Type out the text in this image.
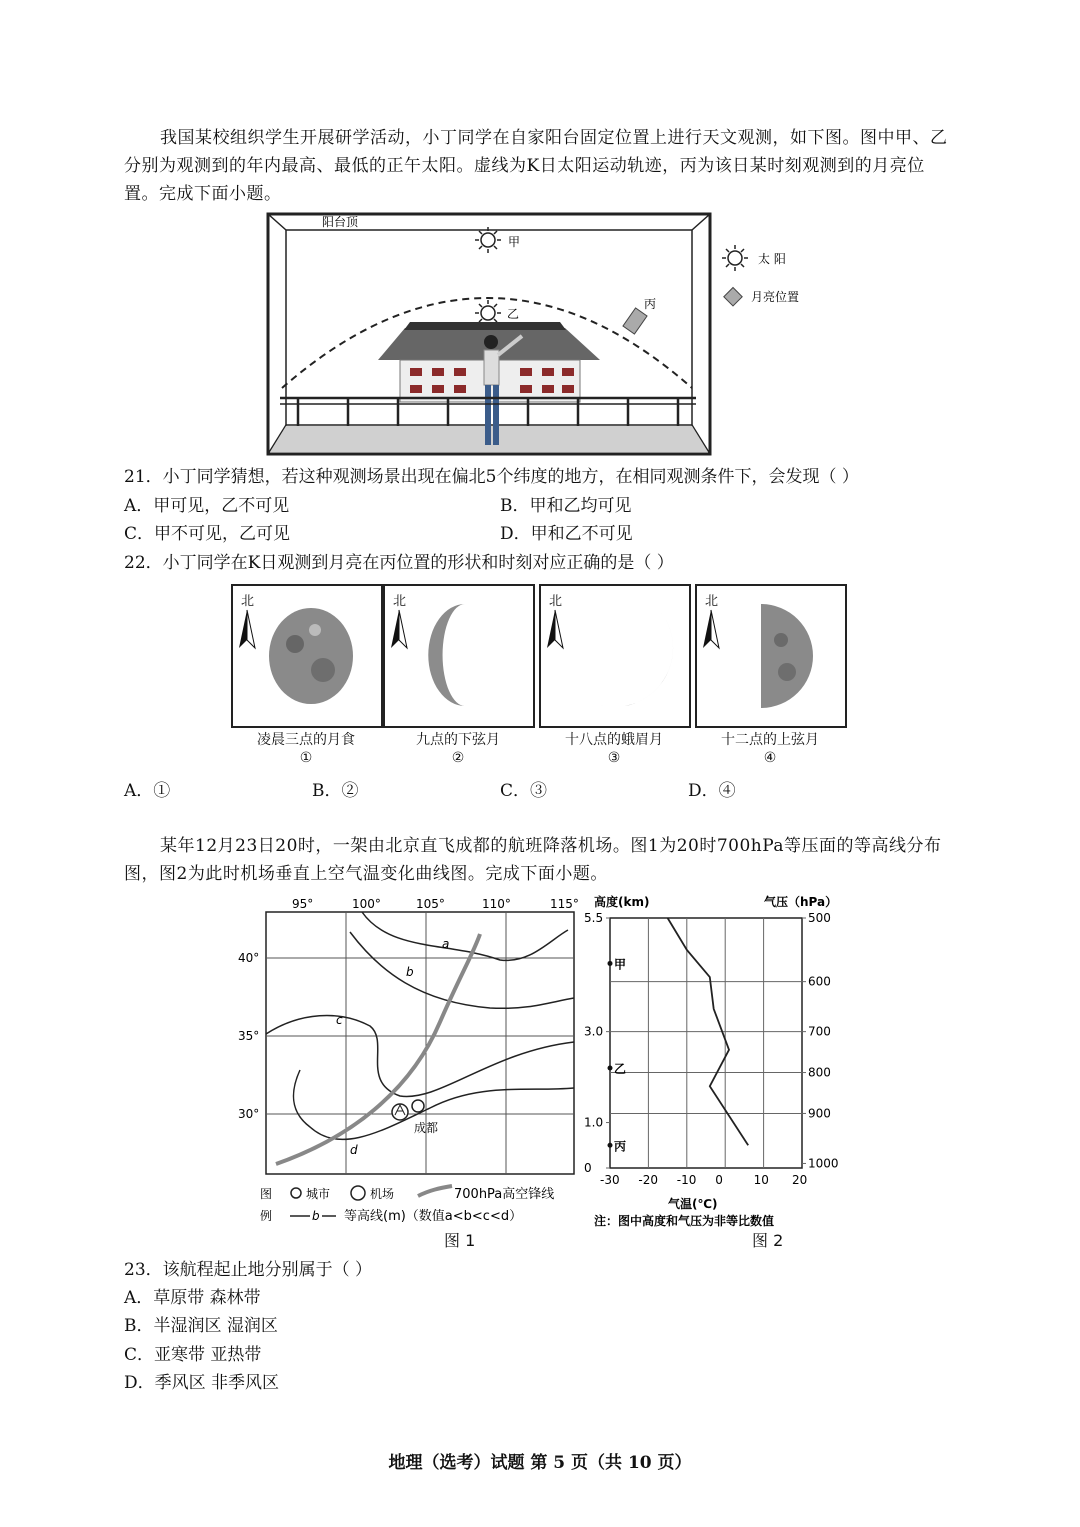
我国某校组织学生开展研学活动，小丁同学在自家阳台固定位置上进行天文观测，如下图。图中甲、乙分别为观测到的年内最高、最低的正午太阳。虚线为K日太阳运动轨迹，丙为该日某时刻观测到的月亮位置。完成下面小题。
阳台顶
甲
乙
丙
太 阳
月亮位置
21．小丁同学猜想，若这种观测场景出现在偏北5个纬度的地方，在相同观测条件下，会发现（ ）
A．甲可见，乙不可见	B．甲和乙均可见
C．甲不可见，乙可见	D．甲和乙不可见
22．小丁同学在K日观测到月亮在丙位置的形状和时刻对应正确的是（ ）
北	北	北	北
凌晨三点的月食
①
九点的下弦月
②
十八点的蛾眉月
③
十二点的上弦月
④
A．①	B．②	C．③	D．④
某年12月23日20时，一架由北京直飞成都的航班降落机场。图1为20时700hPa等压面的等高线分布图，图2为此时机场垂直上空气温变化曲线图。完成下面小题。
95°	100°	105°	110°	115°
40°
35°
30°
a
b
c
d
成都
图
例
城市	机场	700hPa高空锋线
b 等高线(m)（数值a<b<c<d）
图 1
高度(km)	气压（hPa）
-30 -20 -10 0	10 20
5.5
3.0
1.0
0
500
600
700
800
900
1000
甲
乙
丙
气温(℃)
注：图中高度和气压为非等比数值
图 2
23．该航程起止地分别属于（ ）
A．草原带 森林带
B．半湿润区 湿润区
C．亚寒带 亚热带
D．季风区 非季风区
地理（选考）试题 第 5 页（共 10 页）
